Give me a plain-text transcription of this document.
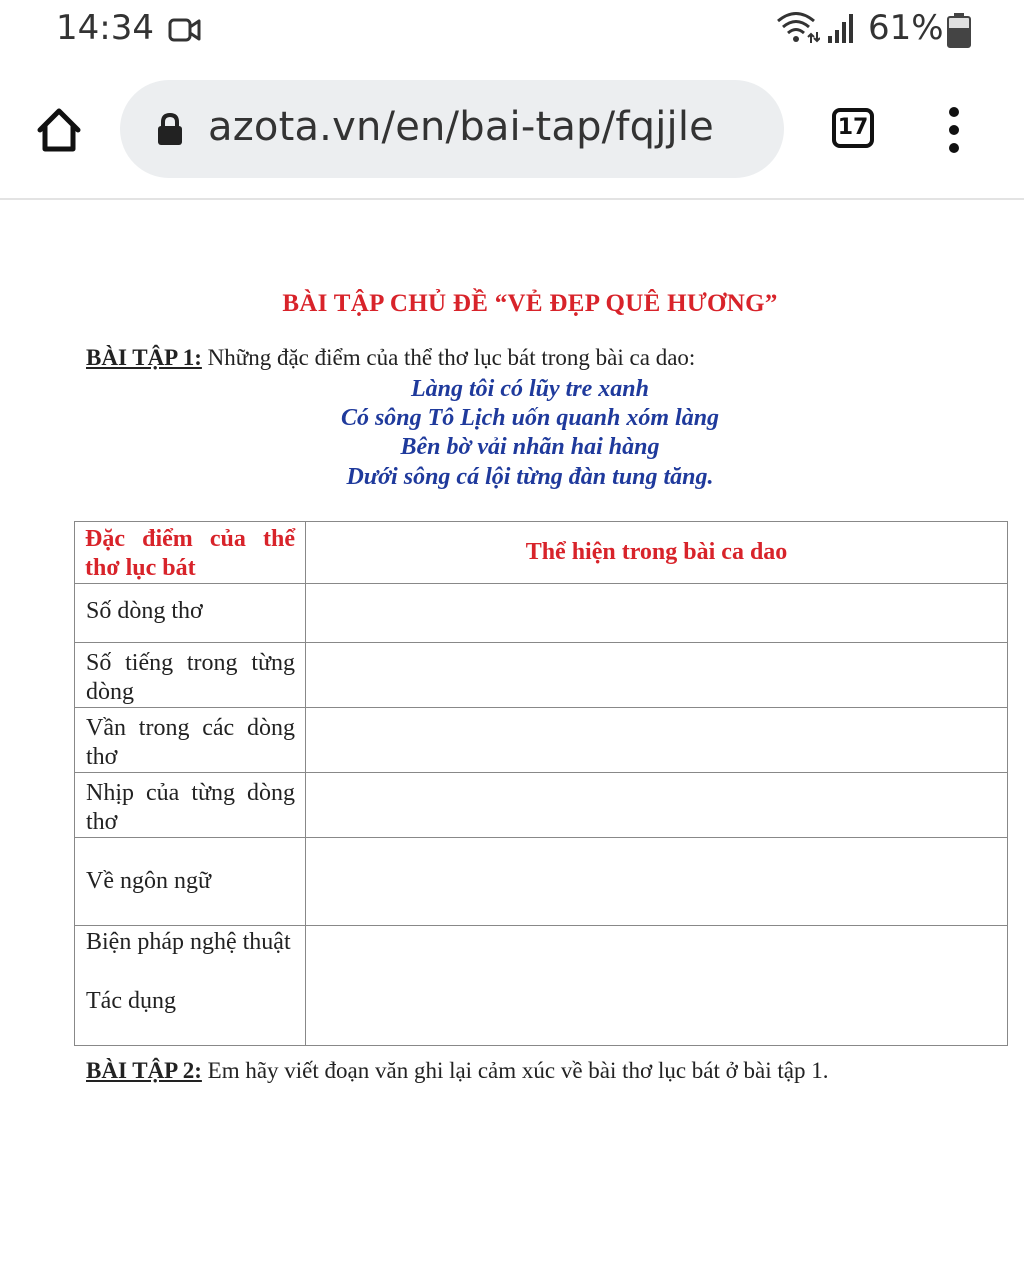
14:34	61%
azota.vn/en/bai-tap/fqjjle	17
BÀI TẬP CHỦ ĐỀ “VẺ ĐẸP QUÊ HƯƠNG”
BÀI TẬP 1: Những đặc điểm của thể thơ lục bát trong bài ca dao:
Làng tôi có lũy tre xanh
Có sông Tô Lịch uốn quanh xóm làng
Bên bờ vải nhãn hai hàng
Dưới sông cá lội từng đàn tung tăng.
Đặc điểm của thể thơ lục bát	Thể hiện trong bài ca dao

Số dòng thơ	

Số tiếng trong từng dòng	

Vần trong các dòng thơ	

Nhịp của từng dòng thơ	

Về ngôn ngữ	

Biện pháp nghệ thuật
Tác dụng	

BÀI TẬP 2: Em hãy viết đoạn văn ghi lại cảm xúc về bài thơ lục bát ở bài tập 1.
